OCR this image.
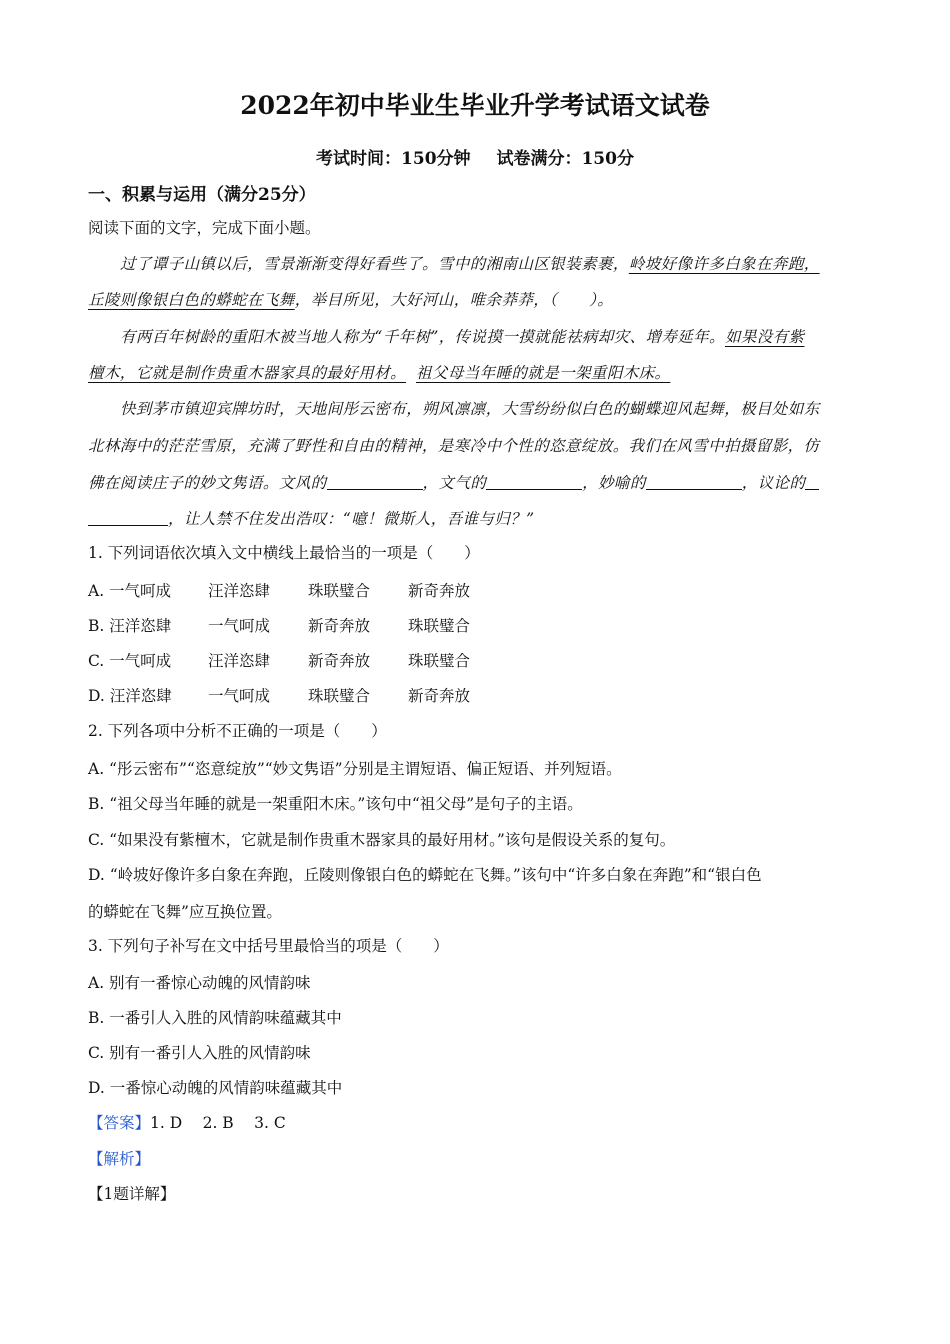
2022年初中毕业生毕业升学考试语文试卷
考试时间：150分钟 试卷满分：150分
一、积累与运用（满分25分）
阅读下面的文字，完成下面小题。
过了谭子山镇以后，雪景渐渐变得好看些了。雪中的湘南山区银装素裹，岭坡好像许多白象在奔跑，
丘陵则像银白色的蟒蛇在飞舞，举目所见，大好河山，唯余莽莽，（　　）。
有两百年树龄的重阳木被当地人称为“千年树”，传说摸一摸就能祛病却灾、增寿延年。如果没有紫
檀木，它就是制作贵重木器家具的最好用材。 祖父母当年睡的就是一架重阳木床。
快到茅市镇迎宾牌坊时，天地间彤云密布，朔风凛凛，大雪纷纷似白色的蝴蝶迎风起舞，极目处如东
北林海中的茫茫雪原，充满了野性和自由的精神，是寒冷中个性的恣意绽放。我们在风雪中拍摄留影，仿
佛在阅读庄子的妙文隽语。文风的	，文气的	，妙喻的	，议论的
，让人禁不住发出浩叹：“噫！微斯人，吾谁与归？”
1. 下列词语依次填入文中横线上最恰当的一项是（　　）
A. 一气呵成 汪洋恣肆 珠联璧合 新奇奔放
B. 汪洋恣肆 一气呵成 新奇奔放 珠联璧合
C. 一气呵成 汪洋恣肆 新奇奔放 珠联璧合
D. 汪洋恣肆 一气呵成 珠联璧合 新奇奔放
2. 下列各项中分析不正确的一项是（　　）
A. “彤云密布”“恣意绽放”“妙文隽语”分别是主谓短语、偏正短语、并列短语。
B. “祖父母当年睡的就是一架重阳木床。”该句中“祖父母”是句子的主语。
C. “如果没有紫檀木，它就是制作贵重木器家具的最好用材。”该句是假设关系的复句。
D. “岭坡好像许多白象在奔跑，丘陵则像银白色的蟒蛇在飞舞。”该句中“许多白象在奔跑”和“银白色
的蟒蛇在飞舞”应互换位置。
3. 下列句子补写在文中括号里最恰当的项是（　　）
A. 别有一番惊心动魄的风情韵味
B. 一番引人入胜的风情韵味蕴藏其中
C. 别有一番引人入胜的风情韵味
D. 一番惊心动魄的风情韵味蕴藏其中
【答案】1. D　 2. B　 3. C
【解析】
【1题详解】
